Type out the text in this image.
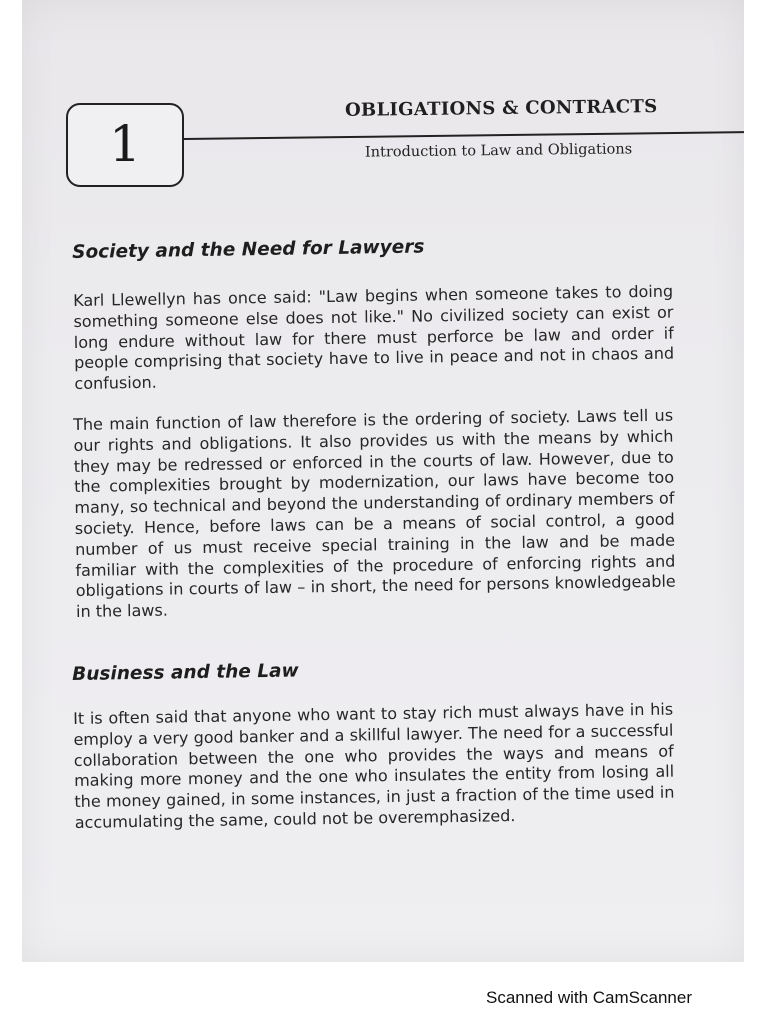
1
OBLIGATIONS & CONTRACTS
Introduction to Law and Obligations
Society and the Need for Lawyers
Karl Llewellyn has once said: "Law begins when someone takes to doing something someone else does not like." No civilized society can exist or long endure without law for there must perforce be law and order if people comprising that society have to live in peace and not in chaos and confusion.
The main function of law therefore is the ordering of society. Laws tell us our rights and obligations. It also provides us with the means by which they may be redressed or enforced in the courts of law. However, due to the complexities brought by modernization, our laws have become too many, so technical and beyond the understanding of ordinary members of society. Hence, before laws can be a means of social control, a good number of us must receive special training in the law and be made familiar with the complexities of the procedure of enforcing rights and obligations in courts of law – in short, the need for persons knowledgeable in the laws.
Business and the Law
It is often said that anyone who want to stay rich must always have in his employ a very good banker and a skillful lawyer. The need for a successful collaboration between the one who provides the ways and means of making more money and the one who insulates the entity from losing all the money gained, in some instances, in just a fraction of the time used in accumulating the same, could not be overemphasized.
Scanned with CamScanner
